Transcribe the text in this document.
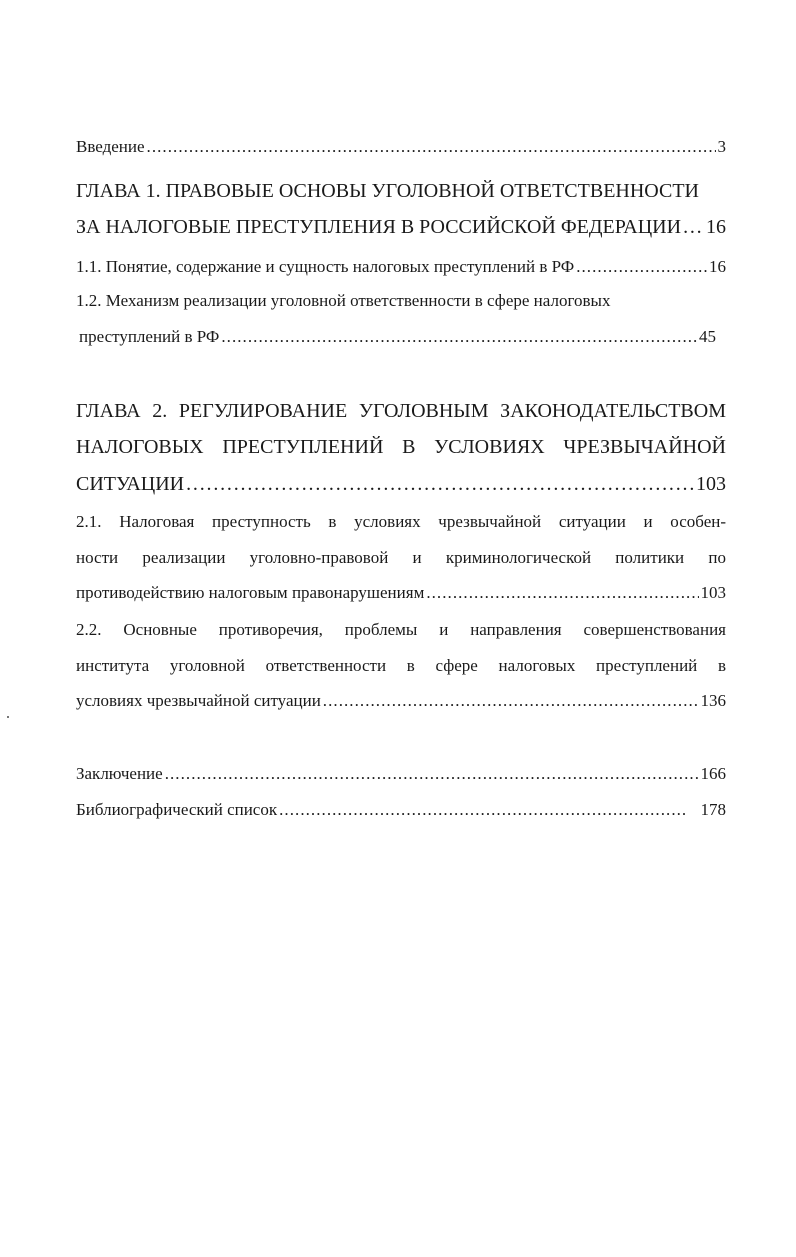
Введение . . .	3
ГЛАВА 1. ПРАВОВЫЕ ОСНОВЫ УГОЛОВНОЙ ОТВЕТСТВЕННОСТИ
ЗА НАЛОГОВЫЕ ПРЕСТУПЛЕНИЯ В РОССИЙСКОЙ ФЕДЕРАЦИИ . . . 16
1.1. Понятие, содержание и сущность налоговых преступлений в РФ . . .	16
1.2. Механизм реализации уголовной ответственности в сфере налоговых
преступлений в РФ . . .	45
ГЛАВА 2. РЕГУЛИРОВАНИЕ УГОЛОВНЫМ ЗАКОНОДАТЕЛЬСТВОМ
НАЛОГОВЫХ ПРЕСТУПЛЕНИЙ В УСЛОВИЯХ ЧРЕЗВЫЧАЙНОЙ
СИТУАЦИИ . . .	103
2.1. Налоговая преступность в условиях чрезвычайной ситуации и особен-
ности реализации уголовно-правовой и криминологической политики по
противодействию налоговым правонарушениям . . .	103
2.2. Основные противоречия, проблемы и направления совершенствования
института уголовной ответственности в сфере налоговых преступлений в
условиях чрезвычайной ситуации . . .	136
Заключение . . .	166
Библиографический список . . .	178
